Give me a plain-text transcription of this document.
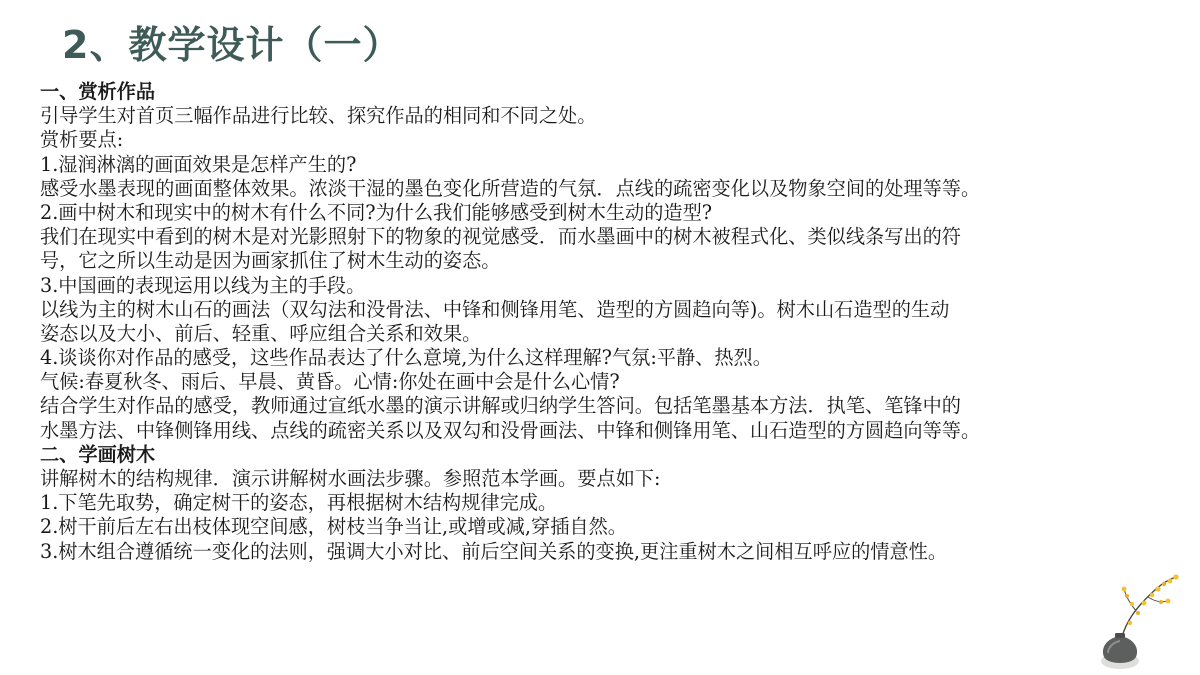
2、教学设计（一）
一、赏析作品
引导学生对首页三幅作品进行比较、探究作品的相同和不同之处。
赏析要点:
1.湿润淋漓的画面效果是怎样产生的?
感受水墨表现的画面整体效果。浓淡干湿的墨色变化所营造的气氛．点线的疏密变化以及物象空间的处理等等。
2.画中树木和现实中的树木有什么不同?为什么我们能够感受到树木生动的造型?
我们在现实中看到的树木是对光影照射下的物象的视觉感受．而水墨画中的树木被程式化、类似线条写出的符
号，它之所以生动是因为画家抓住了树木生动的姿态。
3.中国画的表现运用以线为主的手段。
以线为主的树木山石的画法（双勾法和没骨法、中锋和侧锋用笔、造型的方圆趋向等)。树木山石造型的生动
姿态以及大小、前后、轻重、呼应组合关系和效果。
4.谈谈你对作品的感受，这些作品表达了什么意境,为什么这样理解?气氛:平静、热烈。
气候:春夏秋冬、雨后、早晨、黄昏。心情:你处在画中会是什么心情?
结合学生对作品的感受，教师通过宣纸水墨的演示讲解或归纳学生答问。包括笔墨基本方法．执笔、笔锋中的
水墨方法、中锋侧锋用线、点线的疏密关系以及双勾和没骨画法、中锋和侧锋用笔、山石造型的方圆趋向等等。
二、学画树木
讲解树木的结构规律．演示讲解树水画法步骤。参照范本学画。要点如下:
1.下笔先取势，确定树干的姿态，再根据树木结构规律完成。
2.树干前后左右出枝体现空间感，树枝当争当让,或增或减,穿插自然。
3.树木组合遵循统一变化的法则，强调大小对比、前后空间关系的变换,更注重树木之间相互呼应的情意性。
